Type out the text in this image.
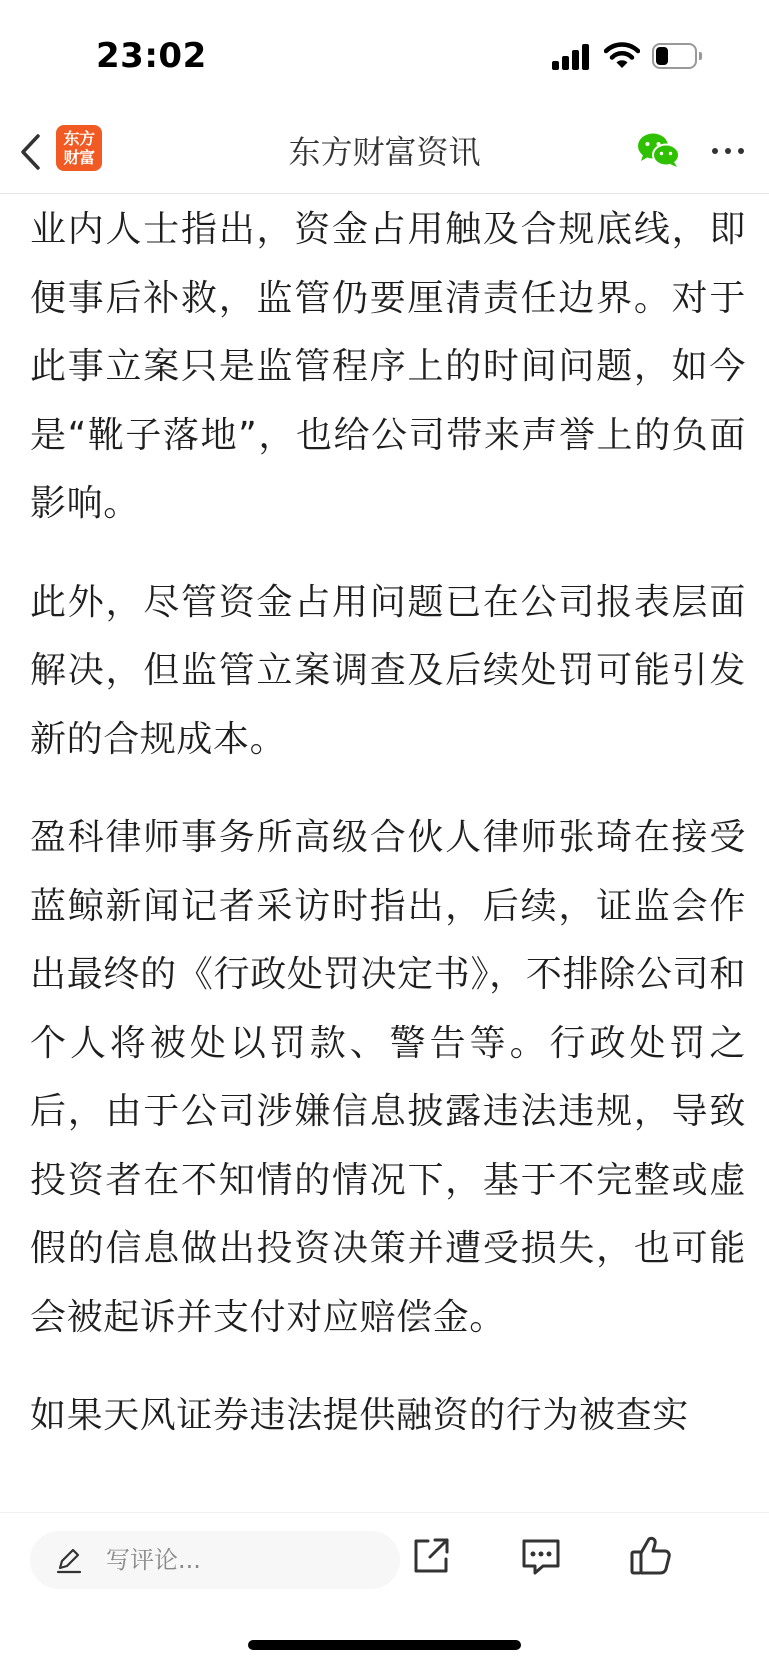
23:02
东方
财富	东方财富资讯

业内人士指出，资金占用触及合规底线，即便事后补救，监管仍要厘清责任边界。对于此事立案只是监管程序上的时间问题，如今是“靴子落地”，也给公司带来声誉上的负面影响。

此外，尽管资金占用问题已在公司报表层面解决，但监管立案调查及后续处罚可能引发新的合规成本。

盈科律师事务所高级合伙人律师张琦在接受蓝鲸新闻记者采访时指出，后续，证监会作出最终的《行政处罚决定书》，不排除公司和个人将被处以罚款、警告等。行政处罚之后，由于公司涉嫌信息披露违法违规，导致投资者在不知情的情况下，基于不完整或虚假的信息做出投资决策并遭受损失，也可能会被起诉并支付对应赔偿金。

如果天风证券违法提供融资的行为被查实

写评论...
